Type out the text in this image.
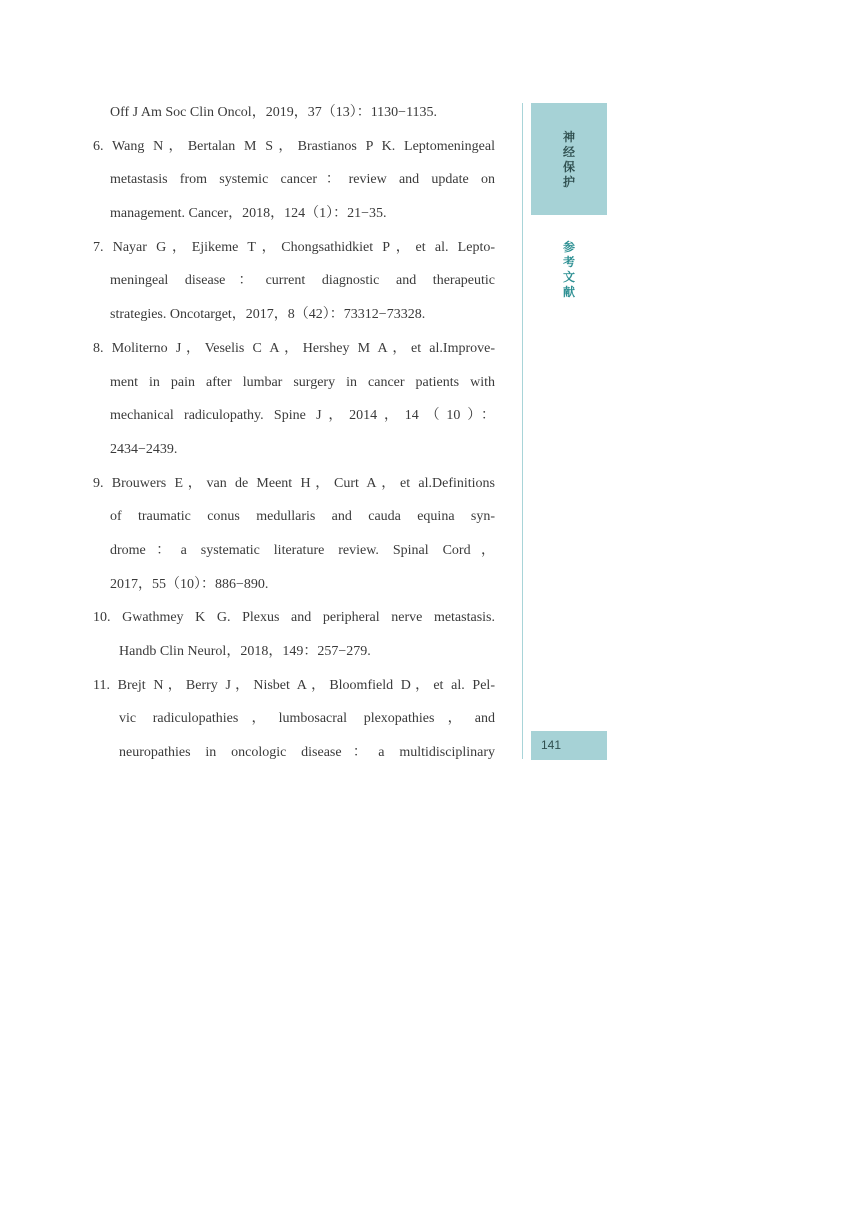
Off J Am Soc Clin Oncol，2019，37（13）：1130−1135.
6. Wang N，Bertalan M S，Brastianos P K. Leptomeningeal
metastasis from systemic cancer：review and update on
management. Cancer，2018，124（1）：21−35.
7. Nayar G，Ejikeme T，Chongsathidkiet P，et al. Lepto-
meningeal disease：current diagnostic and therapeutic
strategies. Oncotarget，2017，8（42）：73312−73328.
8. Moliterno J，Veselis C A，Hershey M A，et al.Improve-
ment in pain after lumbar surgery in cancer patients with
mechanical radiculopathy. Spine J，2014，14（10）：
2434−2439.
9. Brouwers E，van de Meent H，Curt A，et al.Definitions
of traumatic conus medullaris and cauda equina syn-
drome：a systematic literature review. Spinal Cord，
2017，55（10）：886−890.
10. Gwathmey K G. Plexus and peripheral nerve metastasis.
Handb Clin Neurol，2018，149：257−279.
11. Brejt N，Berry J，Nisbet A，Bloomfield D，et al. Pel-
vic radiculopathies，lumbosacral plexopathies，and
neuropathies in oncologic disease：a multidisciplinary
神
经
保
护
参
考
文
献
141
